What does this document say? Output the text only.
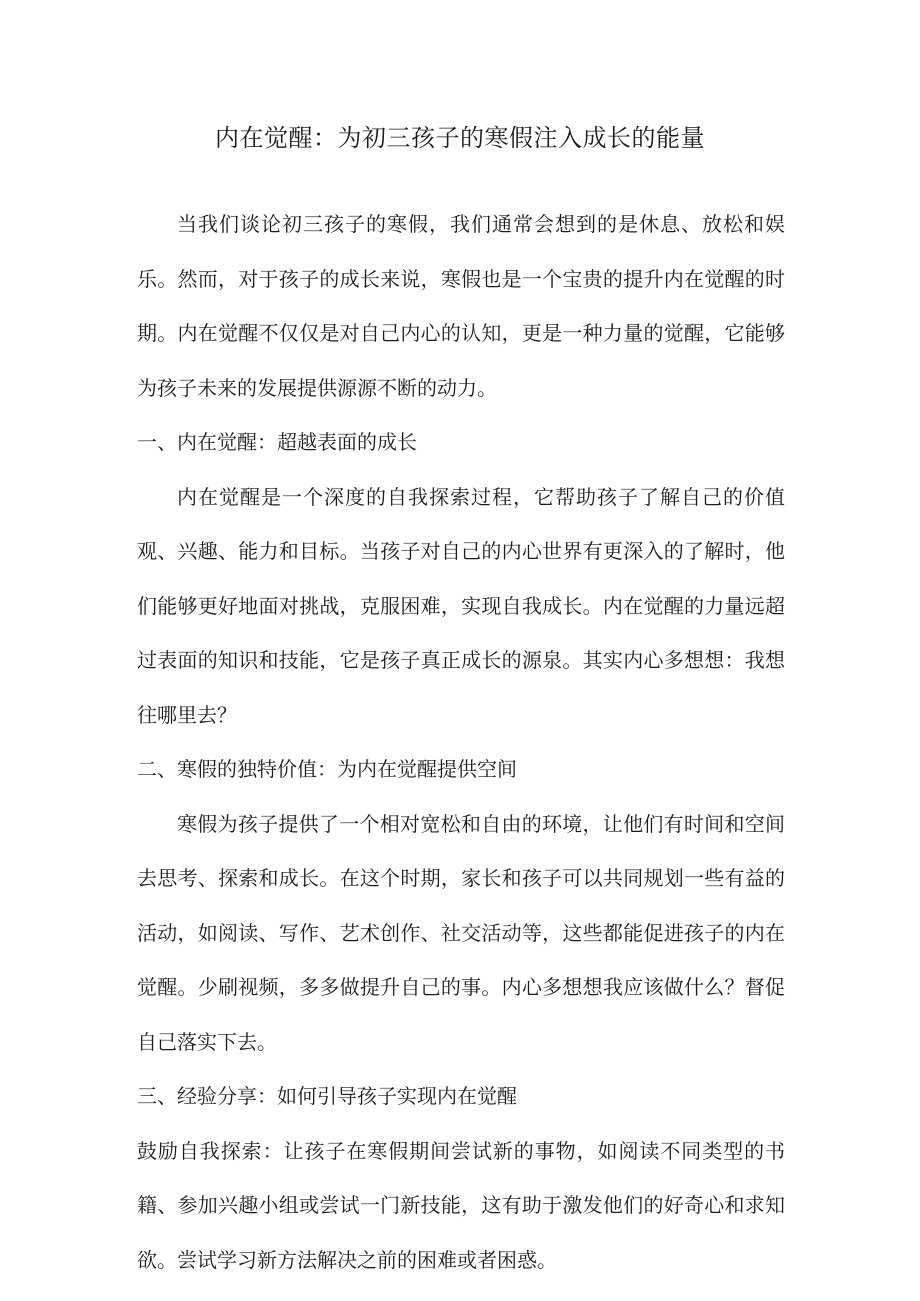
内在觉醒：为初三孩子的寒假注入成长的能量

当我们谈论初三孩子的寒假，我们通常会想到的是休息、放松和娱乐。然而，对于孩子的成长来说，寒假也是一个宝贵的提升内在觉醒的时期。内在觉醒不仅仅是对自己内心的认知，更是一种力量的觉醒，它能够为孩子未来的发展提供源源不断的动力。

一、内在觉醒：超越表面的成长

内在觉醒是一个深度的自我探索过程，它帮助孩子了解自己的价值观、兴趣、能力和目标。当孩子对自己的内心世界有更深入的了解时，他们能够更好地面对挑战，克服困难，实现自我成长。内在觉醒的力量远超过表面的知识和技能，它是孩子真正成长的源泉。其实内心多想想：我想往哪里去？

二、寒假的独特价值：为内在觉醒提供空间

寒假为孩子提供了一个相对宽松和自由的环境，让他们有时间和空间去思考、探索和成长。在这个时期，家长和孩子可以共同规划一些有益的活动，如阅读、写作、艺术创作、社交活动等，这些都能促进孩子的内在觉醒。少刷视频，多多做提升自己的事。内心多想想我应该做什么？督促自己落实下去。

三、经验分享：如何引导孩子实现内在觉醒

鼓励自我探索：让孩子在寒假期间尝试新的事物，如阅读不同类型的书籍、参加兴趣小组或尝试一门新技能，这有助于激发他们的好奇心和求知欲。尝试学习新方法解决之前的困难或者困惑。
